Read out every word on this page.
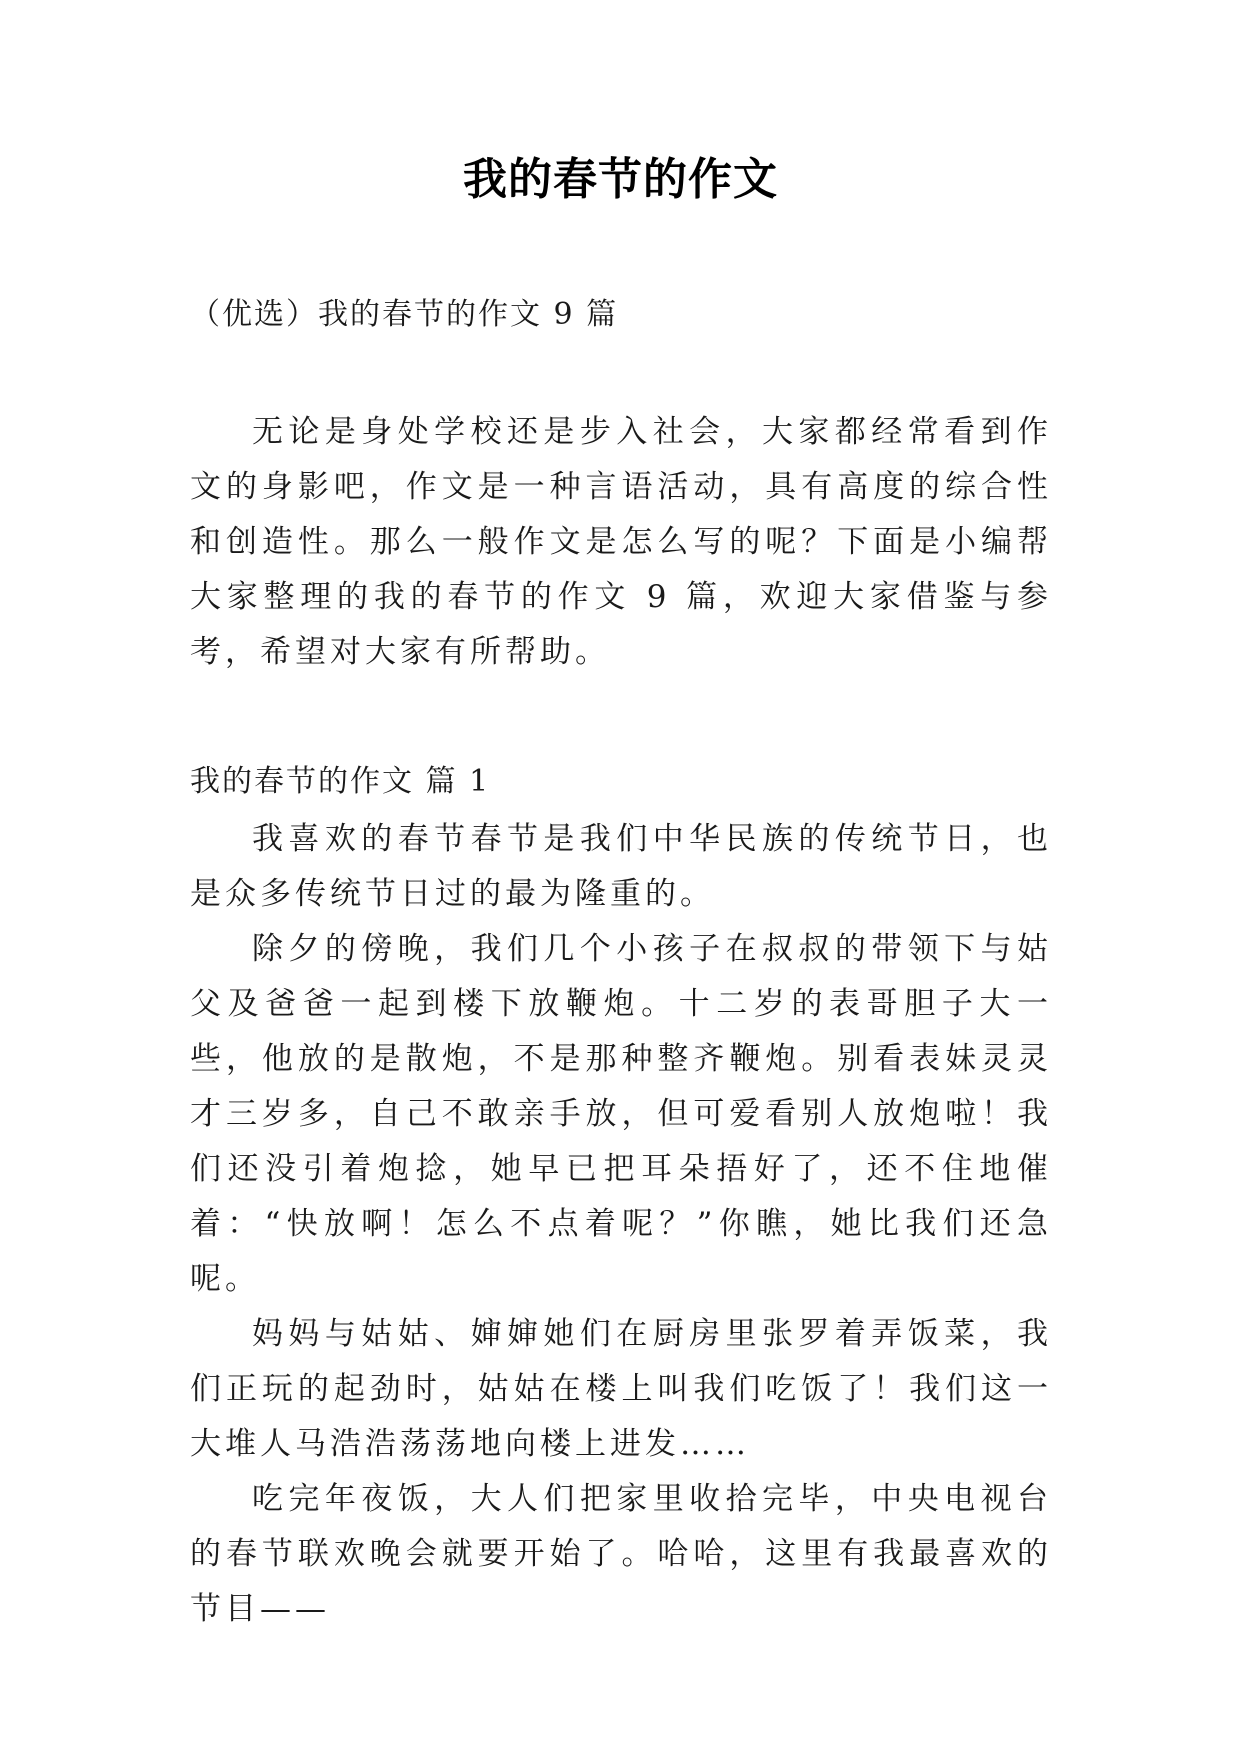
我的春节的作文
（优选）我的春节的作文 9 篇

无论是身处学校还是步入社会，大家都经常看到作文的身影吧，作文是一种言语活动，具有高度的综合性和创造性。那么一般作文是怎么写的呢？下面是小编帮大家整理的我的春节的作文 9 篇，欢迎大家借鉴与参考，希望对大家有所帮助。

我的春节的作文 篇 1

我喜欢的春节春节是我们中华民族的传统节日，也是众多传统节日过的最为隆重的。

除夕的傍晚，我们几个小孩子在叔叔的带领下与姑父及爸爸一起到楼下放鞭炮。十二岁的表哥胆子大一些，他放的是散炮，不是那种整齐鞭炮。别看表妹灵灵才三岁多，自己不敢亲手放，但可爱看别人放炮啦！我们还没引着炮捻，她早已把耳朵捂好了，还不住地催着：“快放啊！怎么不点着呢？”你瞧，她比我们还急呢。

妈妈与姑姑、婶婶她们在厨房里张罗着弄饭菜，我们正玩的起劲时，姑姑在楼上叫我们吃饭了！我们这一大堆人马浩浩荡荡地向楼上进发……

吃完年夜饭，大人们把家里收拾完毕，中央电视台的春节联欢晚会就要开始了。哈哈，这里有我最喜欢的节目——
